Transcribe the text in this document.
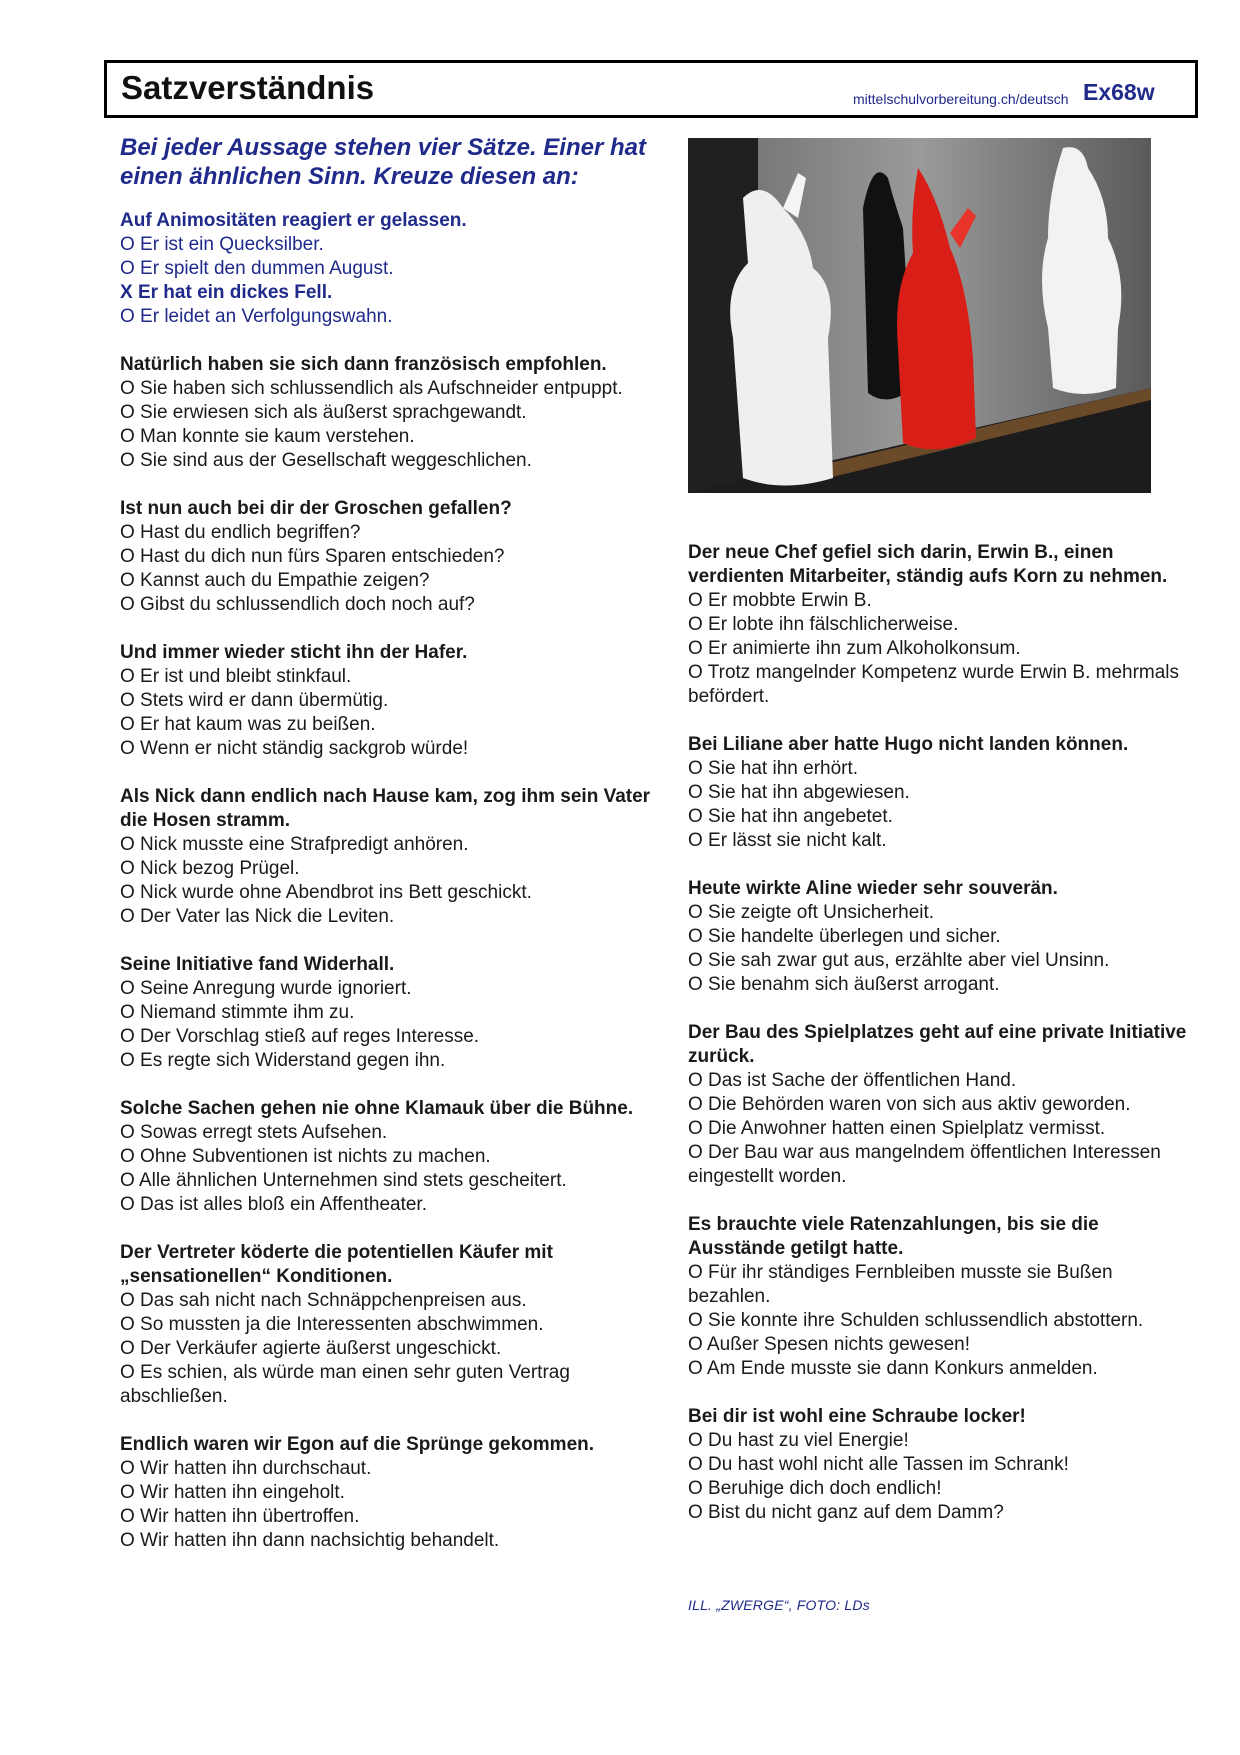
Satzverständnis	mittelschulvorbereitung.ch/deutsch Ex68w
Bei jeder Aussage stehen vier Sätze. Einer hat einen ähnlichen Sinn. Kreuze diesen an:
Auf Animositäten reagiert er gelassen.
O Er ist ein Quecksilber.
O Er spielt den dummen August.
X Er hat ein dickes Fell.
O Er leidet an Verfolgungswahn.
Natürlich haben sie sich dann französisch empfohlen.
O Sie haben sich schlussendlich als Aufschneider entpuppt.
O Sie erwiesen sich als äußerst sprachgewandt.
O Man konnte sie kaum verstehen.
O Sie sind aus der Gesellschaft weggeschlichen.
Ist nun auch bei dir der Groschen gefallen?
O Hast du endlich begriffen?
O Hast du dich nun fürs Sparen entschieden?
O Kannst auch du Empathie zeigen?
O Gibst du schlussendlich doch noch auf?
Und immer wieder sticht ihn der Hafer.
O Er ist und bleibt stinkfaul.
O Stets wird er dann übermütig.
O Er hat kaum was zu beißen.
O Wenn er nicht ständig sackgrob würde!
Als Nick dann endlich nach Hause kam, zog ihm sein Vater die Hosen stramm.
O Nick musste eine Strafpredigt anhören.
O Nick bezog Prügel.
O Nick wurde ohne Abendbrot ins Bett geschickt.
O Der Vater las Nick die Leviten.
Seine Initiative fand Widerhall.
O Seine Anregung wurde ignoriert.
O Niemand stimmte ihm zu.
O Der Vorschlag stieß auf reges Interesse.
O Es regte sich Widerstand gegen ihn.
Solche Sachen gehen nie ohne Klamauk über die Bühne.
O Sowas erregt stets Aufsehen.
O Ohne Subventionen ist nichts zu machen.
O Alle ähnlichen Unternehmen sind stets gescheitert.
O Das ist alles bloß ein Affentheater.
Der Vertreter köderte die potentiellen Käufer mit „sensationellen“ Konditionen.
O Das sah nicht nach Schnäppchenpreisen aus.
O So mussten ja die Interessenten abschwimmen.
O Der Verkäufer agierte äußerst ungeschickt.
O Es schien, als würde man einen sehr guten Vertrag abschließen.
Endlich waren wir Egon auf die Sprünge gekommen.
O Wir hatten ihn durchschaut.
O Wir hatten ihn eingeholt.
O Wir hatten ihn übertroffen.
O Wir hatten ihn dann nachsichtig behandelt.
Der neue Chef gefiel sich darin, Erwin B., einen verdienten Mitarbeiter, ständig aufs Korn zu nehmen.
O Er mobbte Erwin B.
O Er lobte ihn fälschlicherweise.
O Er animierte ihn zum Alkoholkonsum.
O Trotz mangelnder Kompetenz wurde Erwin B. mehrmals befördert.
Bei Liliane aber hatte Hugo nicht landen können.
O Sie hat ihn erhört.
O Sie hat ihn abgewiesen.
O Sie hat ihn angebetet.
O Er lässt sie nicht kalt.
Heute wirkte Aline wieder sehr souverän.
O Sie zeigte oft Unsicherheit.
O Sie handelte überlegen und sicher.
O Sie sah zwar gut aus, erzählte aber viel Unsinn.
O Sie benahm sich äußerst arrogant.
Der Bau des Spielplatzes geht auf eine private Initiative zurück.
O Das ist Sache der öffentlichen Hand.
O Die Behörden waren von sich aus aktiv geworden.
O Die Anwohner hatten einen Spielplatz vermisst.
O Der Bau war aus mangelndem öffentlichen Interessen eingestellt worden.
Es brauchte viele Ratenzahlungen, bis sie die Ausstände getilgt hatte.
O Für ihr ständiges Fernbleiben musste sie Bußen bezahlen.
O Sie konnte ihre Schulden schlussendlich abstottern.
O Außer Spesen nichts gewesen!
O Am Ende musste sie dann Konkurs anmelden.
Bei dir ist wohl eine Schraube locker!
O Du hast zu viel Energie!
O Du hast wohl nicht alle Tassen im Schrank!
O Beruhige dich doch endlich!
O Bist du nicht ganz auf dem Damm?
ILL. „ZWERGE“, FOTO: LDs
